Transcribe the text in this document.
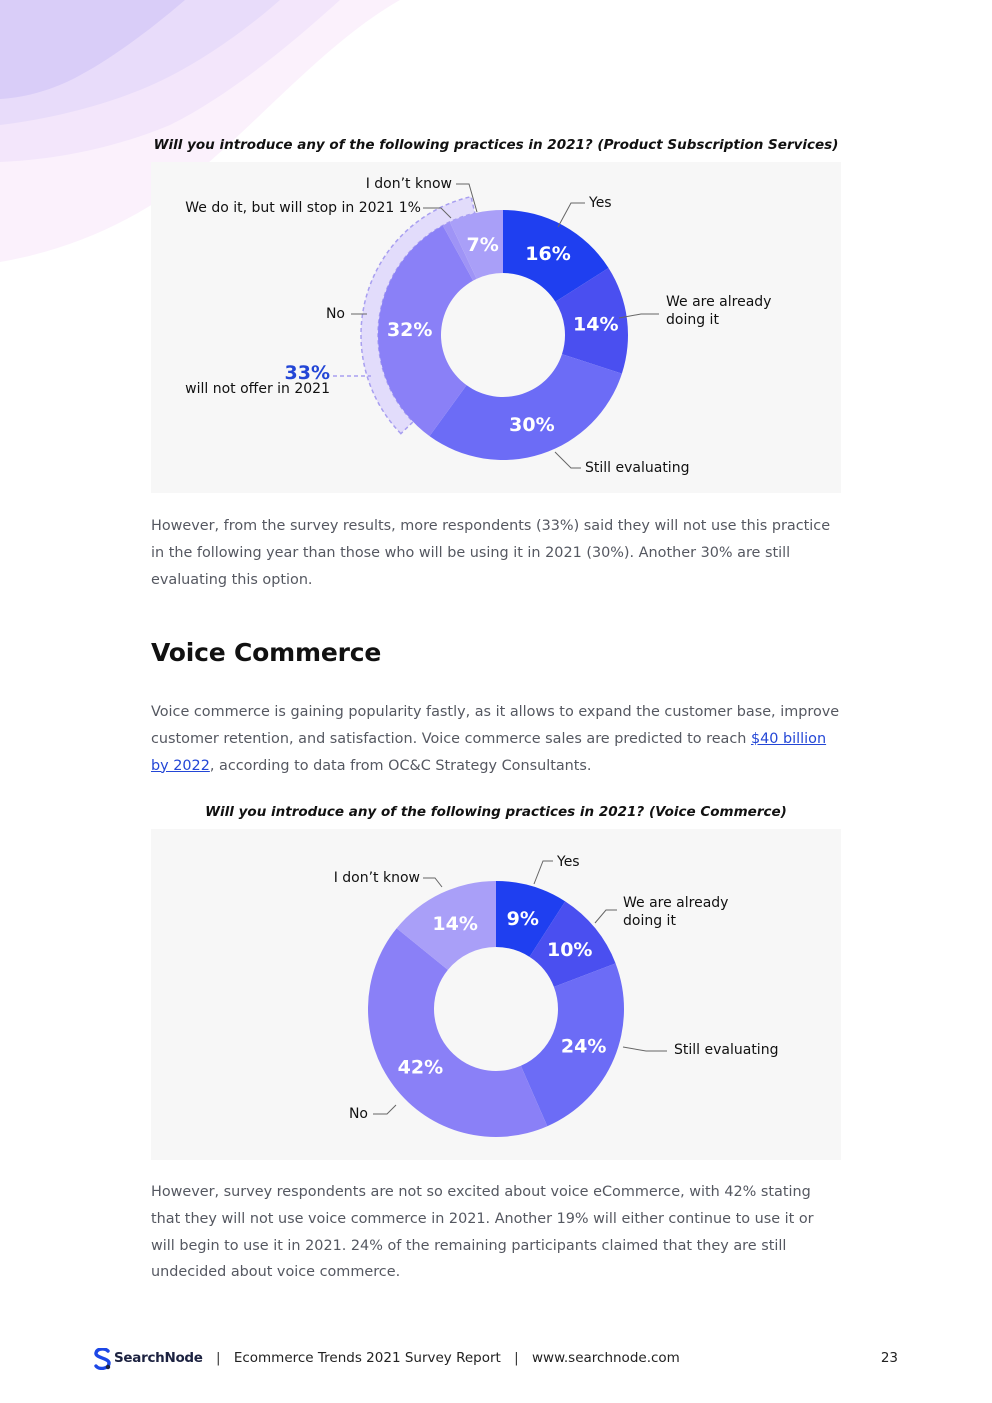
Will you introduce any of the following practices in 2021? (Product Subscription Services)
16%
14%
30%
32%
7%
Yes
We are already
doing it
Still evaluating
No
We do it, but will stop in 2021 1%
I don’t know
33%
will not offer in 2021

However, from the survey results, more respondents (33%) said they will not use this practice in the following year than those who will be using it in 2021 (30%). Another 30% are still evaluating this option.

Voice Commerce

Voice commerce is gaining popularity fastly, as it allows to expand the customer base, improve customer retention, and satisfaction. Voice commerce sales are predicted to reach $40 billion by 2022, according to data from OC&C Strategy Consultants.

Will you introduce any of the following practices in 2021? (Voice Commerce)
9%
10%
24%
42%
14%
Yes
We are already
doing it
Still evaluating
No
I don’t know

However, survey respondents are not so excited about voice eCommerce, with 42% stating that they will not use voice commerce in 2021. Another 19% will either continue to use it or will begin to use it in 2021. 24% of the remaining participants claimed that they are still undecided about voice commerce.

SearchNode | Ecommerce Trends 2021 Survey Report | www.searchnode.com	23
